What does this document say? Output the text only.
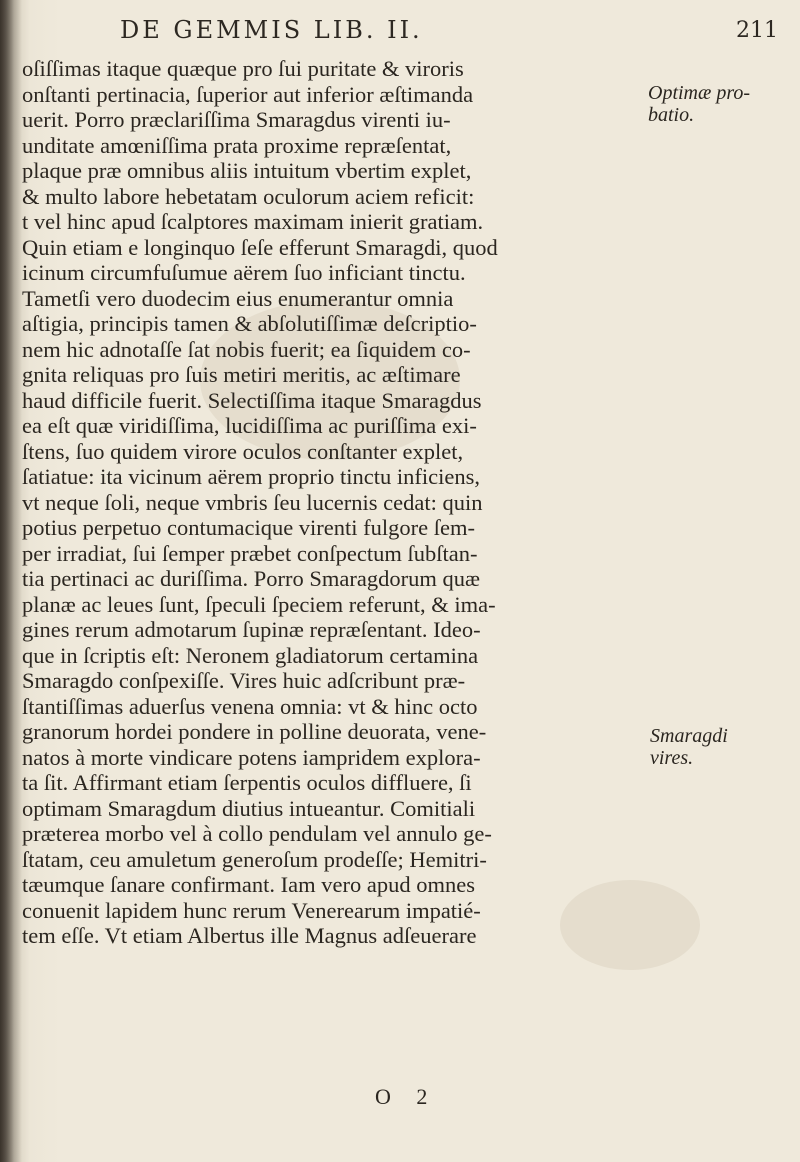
DE GEMMIS LIB. II.	211
oſiſſimas itaque quæque pro ſui puritate & viroris
onſtanti pertinacia, ſuperior aut inferior æſtimanda
uerit. Porro præclariſſima Smaragdus virenti iu-
unditate amœniſſima prata proxime repræſentat,
plaque præ omnibus aliis intuitum vbertim explet,
& multo labore hebetatam oculorum aciem reficit:
t vel hinc apud ſcalptores maximam inierit gratiam.
Quin etiam e longinquo ſeſe efferunt Smaragdi, quod
icinum circumfuſumue aërem ſuo inficiant tinctu.
Tametſi vero duodecim eius enumerantur omnia
aſtigia, principis tamen & abſolutiſſimæ deſcriptio-
nem hic adnotaſſe ſat nobis fuerit; ea ſiquidem co-
gnita reliquas pro ſuis metiri meritis, ac æſtimare
haud difficile fuerit. Selectiſſima itaque Smaragdus
ea eſt quæ viridiſſima, lucidiſſima ac puriſſima exi-
ſtens, ſuo quidem virore oculos conſtanter explet,
ſatiatue: ita vicinum aërem proprio tinctu inficiens,
vt neque ſoli, neque vmbris ſeu lucernis cedat: quin
potius perpetuo contumacique virenti fulgore ſem-
per irradiat, ſui ſemper præbet conſpectum ſubſtan-
tia pertinaci ac duriſſima. Porro Smaragdorum quæ
planæ ac leues ſunt, ſpeculi ſpeciem referunt, & ima-
gines rerum admotarum ſupinæ repræſentant. Ideo-
que in ſcriptis eſt: Neronem gladiatorum certamina
Smaragdo conſpexiſſe. Vires huic adſcribunt præ-
ſtantiſſimas aduerſus venena omnia: vt & hinc octo
granorum hordei pondere in polline deuorata, vene-
natos à morte vindicare potens iampridem explora-
ta ſit. Affirmant etiam ſerpentis oculos diffluere, ſi
optimam Smaragdum diutius intueantur. Comitiali
præterea morbo vel à collo pendulam vel annulo ge-
ſtatam, ceu amuletum generoſum prodeſſe; Hemitri-
tæumque ſanare confirmant. Iam vero apud omnes
conuenit lapidem hunc rerum Venerearum impatié-
tem eſſe. Vt etiam Albertus ille Magnus adſeuerare
Optimæ pro-
batio.
Smaragdi
vires.
O 2
